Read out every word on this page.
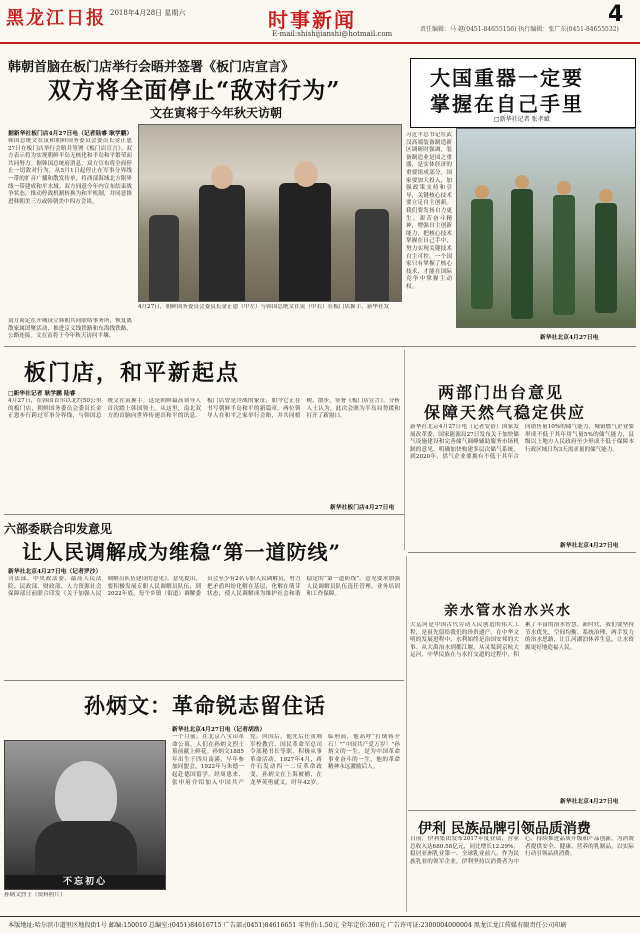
黑龙江日报 2018年4月28日 星期六	时事新闻
E-mail:shishijianshi@hotmail.com
责任编辑：马 越(0451-84655156) 执行编辑：张广东(0451-84655532)
4
韩朝首脑在板门店举行会晤并签署《板门店宣言》
双方将全面停止“敌对行为”
文在寅将于今年秋天访朝
据新华社板门店4月27日电（记者陆睿 耿学鹏）
韩国总统文在寅和朝鲜国务委员会委员长金正恩27日在板门店举行会晤并签署《板门店宣言》。双方表示将为实现朝鲜半岛无核化和半岛和平繁荣而共同努力。据韩国总统府消息，双方宣布将全面停止一切敌对行为，从5月1日起停止在军事分界线一带的扩音广播和散发传单，将西部海域北方限界线一带建成和平水域。双方同意今年内宣布结束战争状态，推动停战机制转换为和平机制，并同意推进韩朝美三方或韩朝美中四方会谈。
双方商定在开城设立韩朝共同联络事务所，恢复离散家属团聚活动，推进京义线铁路和东海线铁路、公路连接。文在寅将于今年秋天访问平壤。
4月27日，朝鲜国务委员会委员长金正恩（中左）与韩国总统文在寅（中右）在板门店握手。新华社发
大国重器一定要
掌握在自己手里
□新华社记者 张孝斌
习近平总书记在武汉高端装备制造新区调研时强调，装备制造业是国之重器，是实体经济的重要组成部分，国家要加大投入，加强政策支持和引导，关键核心技术要立足自主创新。我们要发扬自力更生、艰苦奋斗精神，增强自主创新能力，把核心技术掌握在自己手中，努力实现关键技术自主可控。一个国家只有掌握了核心技术，才能在国际竞争中掌握主动权。
新华社北京4月27日电
板门店，和平新起点
□新华社记者 耿学鹏 陆睿
4月27日，在韩国首尔以北约50公里的板门店，朝鲜国务委员会委员长金正恩步行跨过军事分界线，与韩国总统文在寅握手。这是朝鲜最高领导人首次踏上韩国领土。从这里，南北双方的首脑向世界传递出和平的讯息。板门店曾是冷战的象征，如今它正在书写朝鲜半岛和平的新篇章。两位领导人在和平之家举行会晤，并共同植树、散步，签署《板门店宣言》。分析人士认为，此次会晤为半岛局势缓和打开了新窗口。
新华社板门店4月27日电
两部门出台意见
保障天然气稳定供应
新华社北京4月27日电（记者安蓓）国家发展改革委、国家能源局27日发布关于加快储气设施建设和完善储气调峰辅助服务市场机制的意见，明确加快构建多层次储气系统，到2020年，供气企业要拥有不低于其年合同销售量10%的储气能力，城镇燃气企业要形成不低于其年用气量5%的储气能力，县级以上地方人民政府至少形成不低于保障本行政区域日均3天需求量的储气能力。
新华社北京4月27日电
六部委联合印发意见
让人民调解成为维稳“第一道防线”
新华社北京4月27日电（记者罗沙）
司法部、中央政法委、最高人民法院、民政部、财政部、人力资源社会保障部日前联合印发《关于加强人民调解员队伍建设的意见》。意见提出，要积极发展专职人民调解员队伍，到2022年底，每个乡镇（街道）调解委员会至少有2名专职人民调解员，努力把矛盾纠纷化解在基层，化解在萌芽状态，使人民调解成为维护社会和谐稳定的“第一道防线”。意见要求加强人民调解员队伍选任管理、业务培训和工作保障。
亲水管水治水兴水
大运河是中国古代劳动人民创造的伟大工程，是祖先留给我们的珍贵遗产。在中华文明的发展进程中，水利始终是治国安邦的大事。从大禹治水到都江堰，从灵渠到京杭大运河，中华民族在与水打交道的过程中，积累了丰富的治水智慧。新时代，我们要坚持节水优先、空间均衡、系统治理、两手发力的治水思路，让江河湖泊休养生息，让水资源更好地造福人民。
新华社北京4月27日电
孙炳文：革命锐志留住话
新华社北京4月27日电（记者胡浩）
一个月前，在北京八宝山革命公墓，人们在孙炳文烈士墓前献上鲜花。孙炳文1885年出生于四川南溪，早年参加同盟会，1922年与朱德一起赴德国留学，经周恩来、张申府介绍加入中国共产党。回国后，他先后任黄埔军校教官、国民革命军总司令部秘书长等职，积极从事革命活动。1927年4月，蒋介石发动四一二反革命政变，孙炳文在上海被捕，在龙华英勇就义，时年42岁。临刑前，他高呼“打倒蒋介石！”“中国共产党万岁！”孙炳文的一生，是为中国革命事业奋斗的一生，他的革命精神永远激励后人。
不忘初心
孙炳文烈士（资料照片）
伊利 民族品牌引领品质消费
日前，伊利集团发布2017年度业绩，营业总收入达680.58亿元，同比增长12.29%，稳居亚洲乳业第一、全球乳业前八。作为民族乳业的领军企业，伊利坚持以消费者为中心，持续推进品质升级和产品创新，为消费者提供安全、健康、营养的乳制品，以实际行动引领品质消费。
本版地址:哈尔滨市道里区地段街1号 邮编:150010 总编室:(0451)84616715 广告部:(0451)84616651 零售价:1.50元 全年定价:360元 广告许可证:2300004000004 黑龙江龙江传媒有限责任公司印刷
